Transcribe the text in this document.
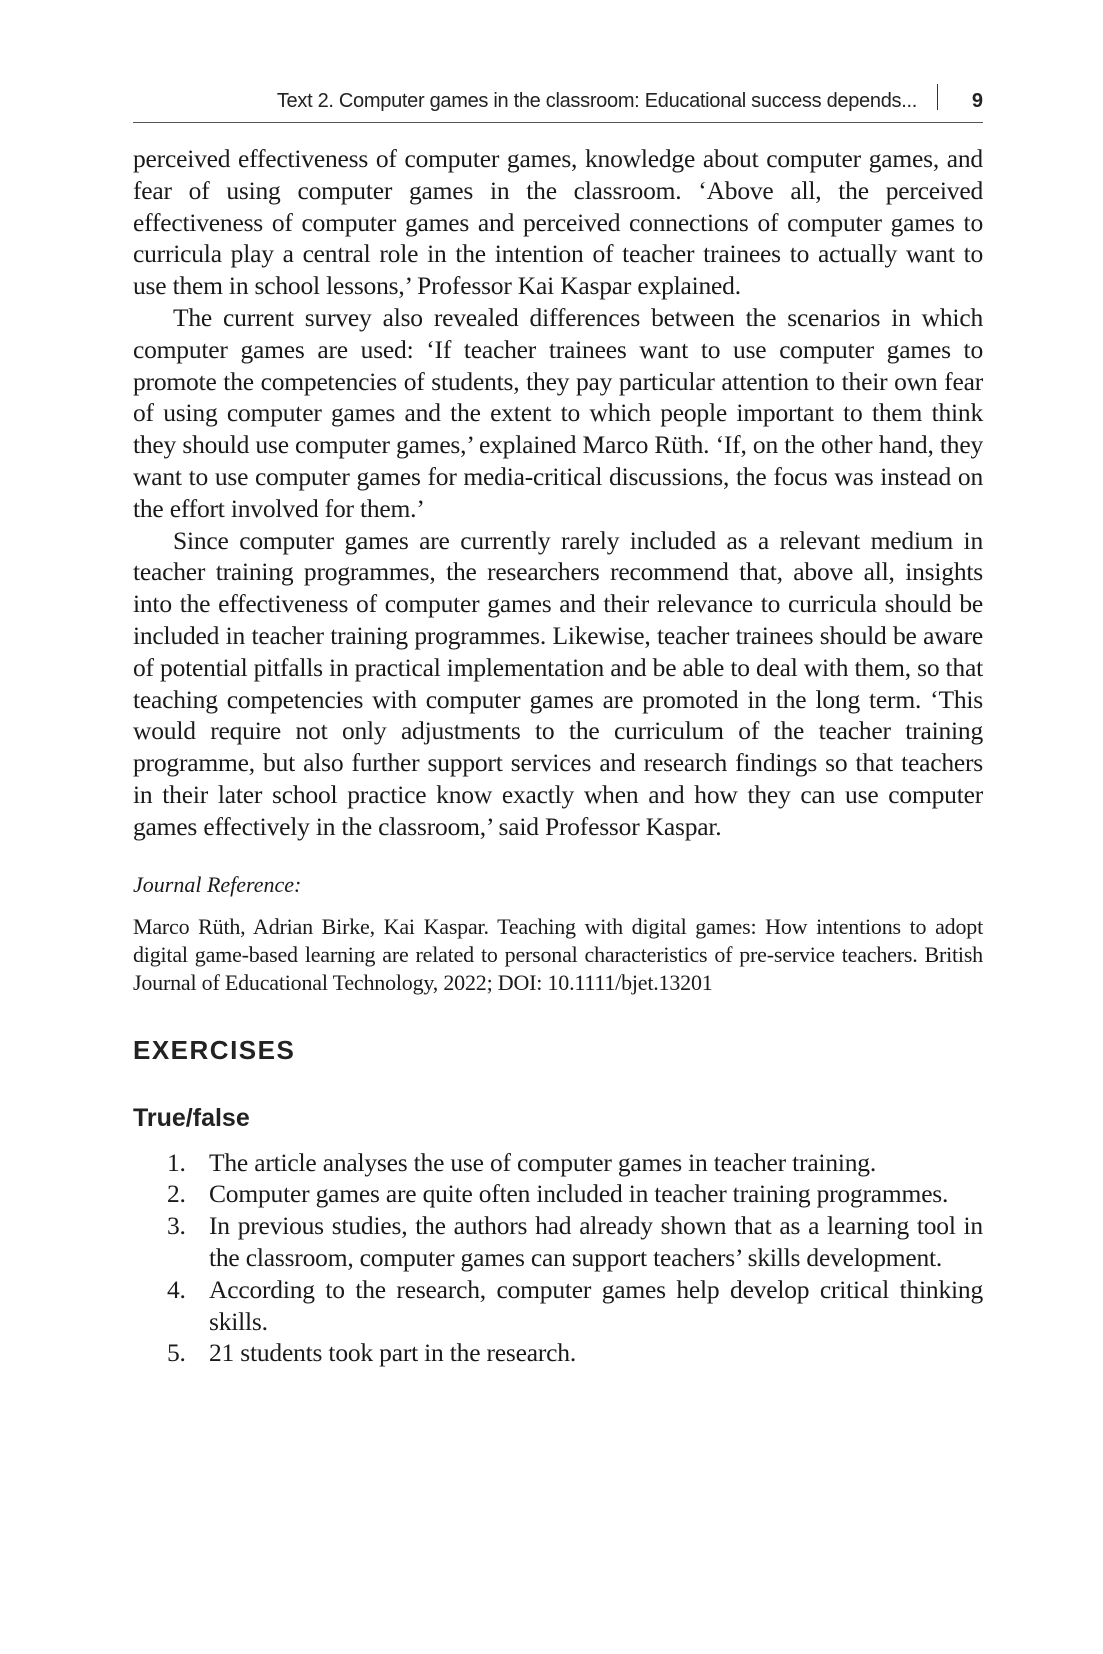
Text 2. Computer games in the classroom: Educational success depends...	9

perceived effectiveness of computer games, knowledge about computer games, and fear of using computer games in the classroom. ‘Above all, the perceived effectiveness of computer games and perceived connections of computer games to curricula play a central role in the intention of teacher trainees to actually want to use them in school lessons,’ Professor Kai Kaspar explained.

The current survey also revealed differences between the scenarios in which computer games are used: ‘If teacher trainees want to use computer games to promote the competencies of students, they pay particular attention to their own fear of using computer games and the extent to which people important to them think they should use computer games,’ explained Marco Rüth. ‘If, on the other hand, they want to use computer games for media-critical discussions, the focus was instead on the effort involved for them.’

Since computer games are currently rarely included as a relevant medium in teacher training programmes, the researchers recommend that, above all, insights into the effectiveness of computer games and their relevance to curricula should be included in teacher training programmes. Likewise, teacher trainees should be aware of potential pitfalls in practical implementation and be able to deal with them, so that teaching competencies with computer games are promoted in the long term. ‘This would require not only adjustments to the curriculum of the teacher training programme, but also further support services and research findings so that teachers in their later school practice know exactly when and how they can use computer games effectively in the classroom,’ said Professor Kaspar.

Journal Reference:
Marco Rüth, Adrian Birke, Kai Kaspar. Teaching with digital games: How intentions to adopt digital game-based learning are related to personal characteristics of pre-service teachers. British Journal of Educational Technology, 2022; DOI: 10.1111/bjet.13201
EXERCISES
True/false
1. The article analyses the use of computer games in teacher training.
2. Computer games are quite often included in teacher training programmes.
3. In previous studies, the authors had already shown that as a learning tool in the classroom, computer games can support teachers’ skills development.
4. According to the research, computer games help develop critical thinking skills.
5. 21 students took part in the research.
